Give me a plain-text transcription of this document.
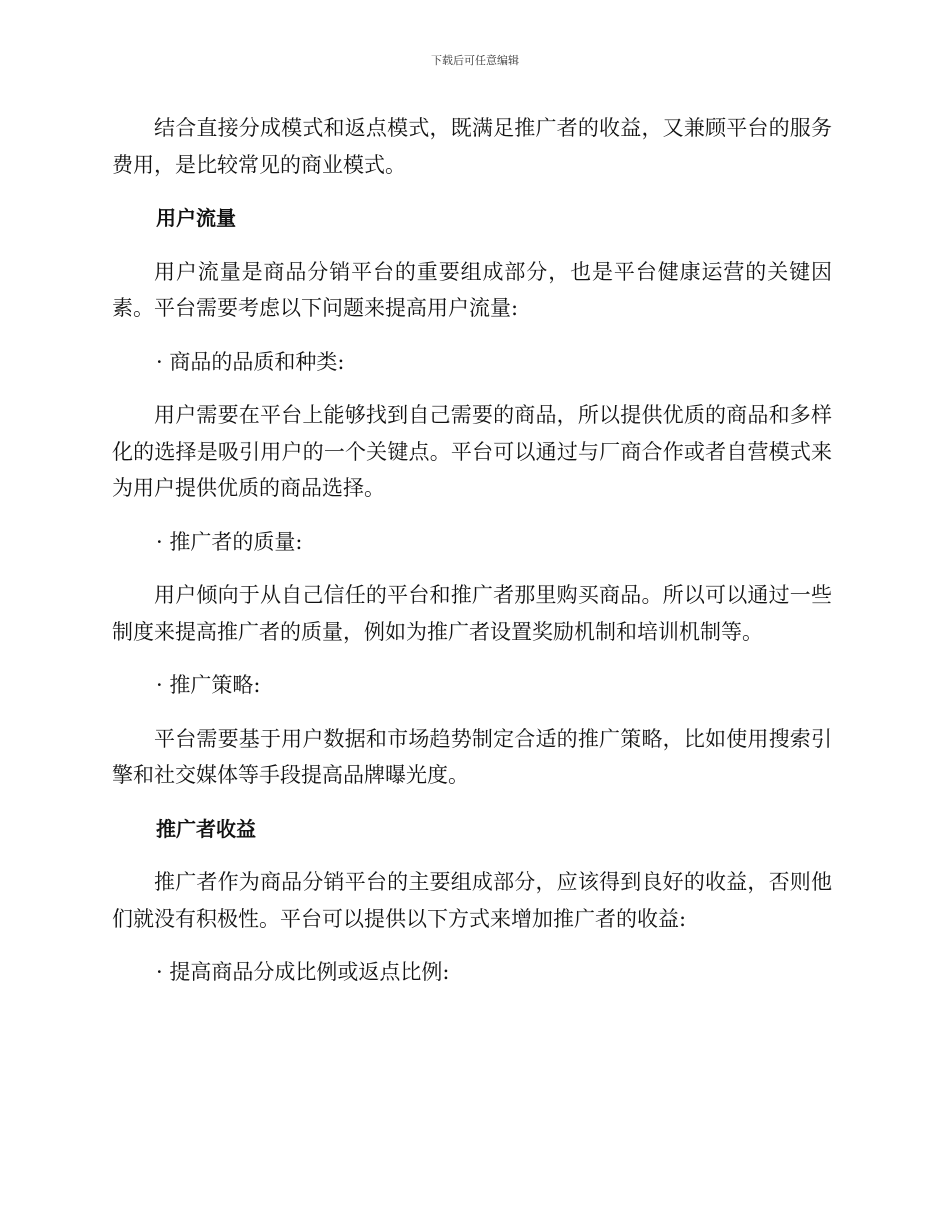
下载后可任意编辑

结合直接分成模式和返点模式，既满足推广者的收益，又兼顾平台的服务费用，是比较常见的商业模式。

用户流量

用户流量是商品分销平台的重要组成部分，也是平台健康运营的关键因素。平台需要考虑以下问题来提高用户流量:

· 商品的品质和种类:

用户需要在平台上能够找到自己需要的商品，所以提供优质的商品和多样化的选择是吸引用户的一个关键点。平台可以通过与厂商合作或者自营模式来为用户提供优质的商品选择。

· 推广者的质量:

用户倾向于从自己信任的平台和推广者那里购买商品。所以可以通过一些制度来提高推广者的质量，例如为推广者设置奖励机制和培训机制等。

· 推广策略:

平台需要基于用户数据和市场趋势制定合适的推广策略，比如使用搜索引擎和社交媒体等手段提高品牌曝光度。

推广者收益

推广者作为商品分销平台的主要组成部分，应该得到良好的收益，否则他们就没有积极性。平台可以提供以下方式来增加推广者的收益:

· 提高商品分成比例或返点比例:
